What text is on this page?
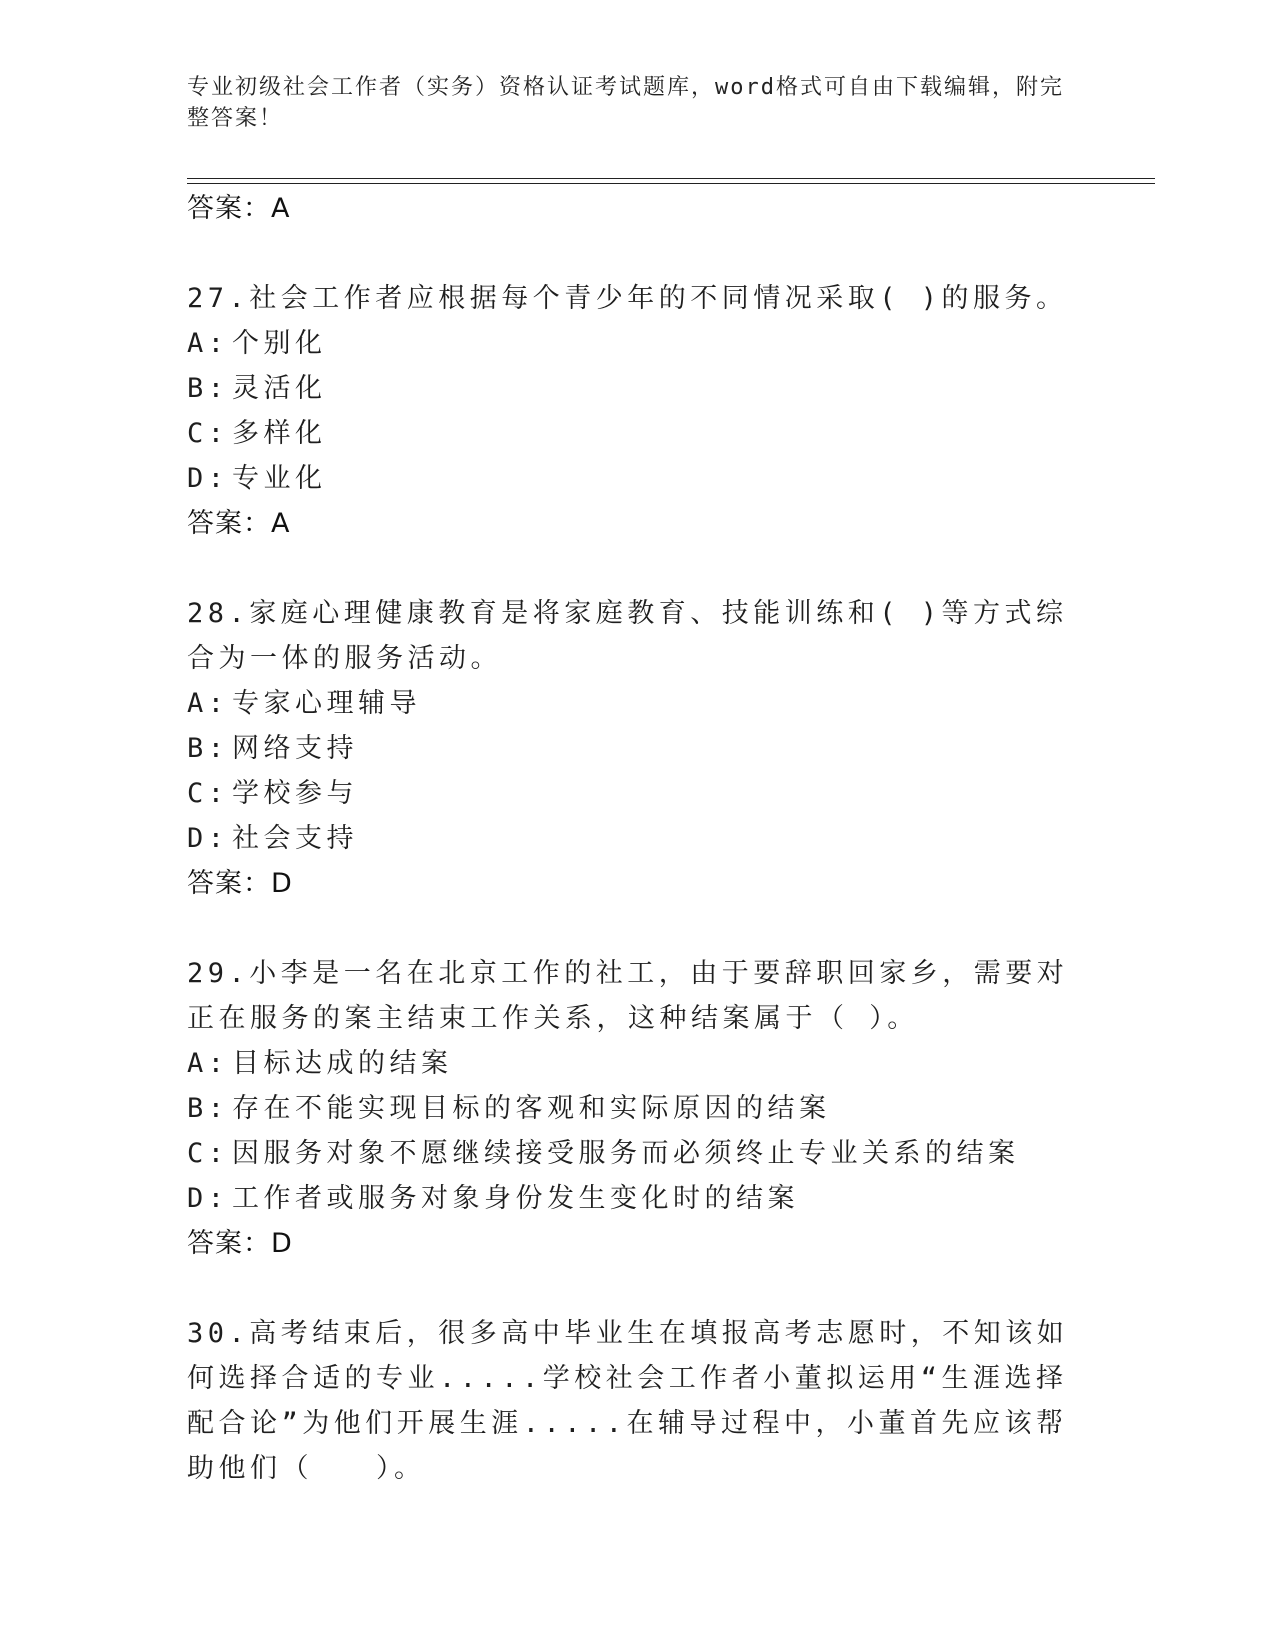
专业初级社会工作者（实务）资格认证考试题库，word格式可自由下载编辑，附完整答案！
答案：A
27.社会工作者应根据每个青少年的不同情况采取( )的服务。
A: 个别化
B: 灵活化
C: 多样化
D: 专业化
答案：A
28.家庭心理健康教育是将家庭教育、技能训练和( )等方式综合为一体的服务活动。
A: 专家心理辅导
B: 网络支持
C: 学校参与
D: 社会支持
答案：D
29.小李是一名在北京工作的社工，由于要辞职回家乡，需要对正在服务的案主结束工作关系，这种结案属于（ ）。
A: 目标达成的结案
B: 存在不能实现目标的客观和实际原因的结案
C: 因服务对象不愿继续接受服务而必须终止专业关系的结案
D: 工作者或服务对象身份发生变化时的结案
答案：D
30.高考结束后，很多高中毕业生在填报高考志愿时，不知该如何选择合适的专业.....学校社会工作者小董拟运用“生涯选择配合论”为他们开展生涯.....在辅导过程中，小董首先应该帮助他们（　　）。
